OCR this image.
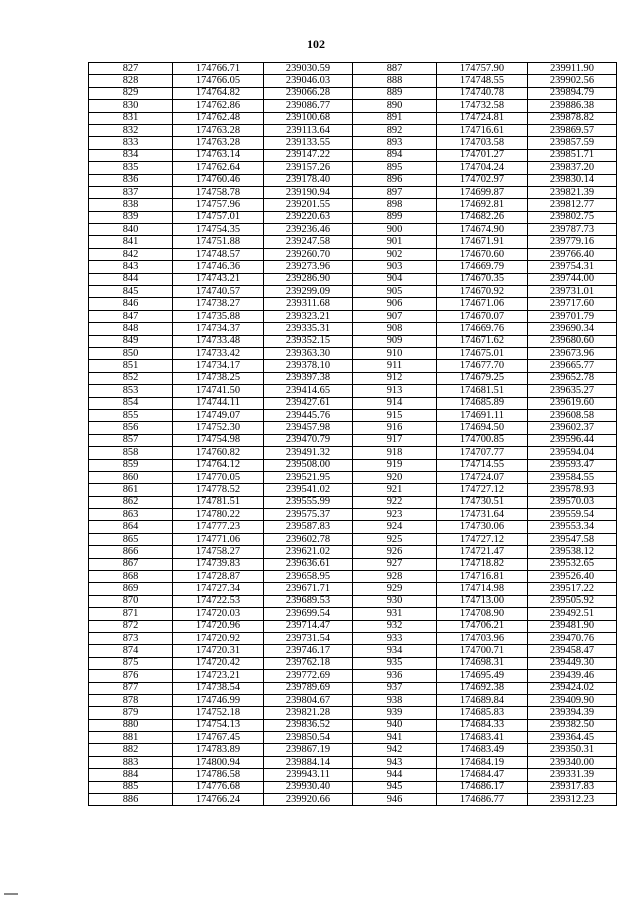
102
827	174766.71	239030.59	887	174757.90	239911.90
828	174766.05	239046.03	888	174748.55	239902.56
829	174764.82	239066.28	889	174740.78	239894.79
830	174762.86	239086.77	890	174732.58	239886.38
831	174762.48	239100.68	891	174724.81	239878.82
832	174763.28	239113.64	892	174716.61	239869.57
833	174763.28	239133.55	893	174703.58	239857.59
834	174763.14	239147.22	894	174701.27	239851.71
835	174762.64	239157.26	895	174704.24	239837.20
836	174760.46	239178.40	896	174702.97	239830.14
837	174758.78	239190.94	897	174699.87	239821.39
838	174757.96	239201.55	898	174692.81	239812.77
839	174757.01	239220.63	899	174682.26	239802.75
840	174754.35	239236.46	900	174674.90	239787.73
841	174751.88	239247.58	901	174671.91	239779.16
842	174748.57	239260.70	902	174670.60	239766.40
843	174746.36	239273.96	903	174669.79	239754.31
844	174743.21	239286.90	904	174670.35	239744.00
845	174740.57	239299.09	905	174670.92	239731.01
846	174738.27	239311.68	906	174671.06	239717.60
847	174735.88	239323.21	907	174670.07	239701.79
848	174734.37	239335.31	908	174669.76	239690.34
849	174733.48	239352.15	909	174671.62	239680.60
850	174733.42	239363.30	910	174675.01	239673.96
851	174734.17	239378.10	911	174677.70	239665.77
852	174738.25	239397.38	912	174679.25	239652.78
853	174741.50	239414.65	913	174681.51	239635.27
854	174744.11	239427.61	914	174685.89	239619.60
855	174749.07	239445.76	915	174691.11	239608.58
856	174752.30	239457.98	916	174694.50	239602.37
857	174754.98	239470.79	917	174700.85	239596.44
858	174760.82	239491.32	918	174707.77	239594.04
859	174764.12	239508.00	919	174714.55	239593.47
860	174770.05	239521.95	920	174724.07	239584.55
861	174778.52	239541.02	921	174727.12	239578.93
862	174781.51	239555.99	922	174730.51	239570.03
863	174780.22	239575.37	923	174731.64	239559.54
864	174777.23	239587.83	924	174730.06	239553.34
865	174771.06	239602.78	925	174727.12	239547.58
866	174758.27	239621.02	926	174721.47	239538.12
867	174739.83	239636.61	927	174718.82	239532.65
868	174728.87	239658.95	928	174716.81	239526.40
869	174727.34	239671.71	929	174714.98	239517.22
870	174722.53	239689.53	930	174713.00	239505.92
871	174720.03	239699.54	931	174708.90	239492.51
872	174720.96	239714.47	932	174706.21	239481.90
873	174720.92	239731.54	933	174703.96	239470.76
874	174720.31	239746.17	934	174700.71	239458.47
875	174720.42	239762.18	935	174698.31	239449.30
876	174723.21	239772.69	936	174695.49	239439.46
877	174738.54	239789.69	937	174692.38	239424.02
878	174746.99	239804.67	938	174689.84	239409.90
879	174752.18	239821.28	939	174685.83	239394.39
880	174754.13	239836.52	940	174684.33	239382.50
881	174767.45	239850.54	941	174683.41	239364.45
882	174783.89	239867.19	942	174683.49	239350.31
883	174800.94	239884.14	943	174684.19	239340.00
884	174786.58	239943.11	944	174684.47	239331.39
885	174776.68	239930.40	945	174686.17	239317.83
886	174766.24	239920.66	946	174686.77	239312.23
